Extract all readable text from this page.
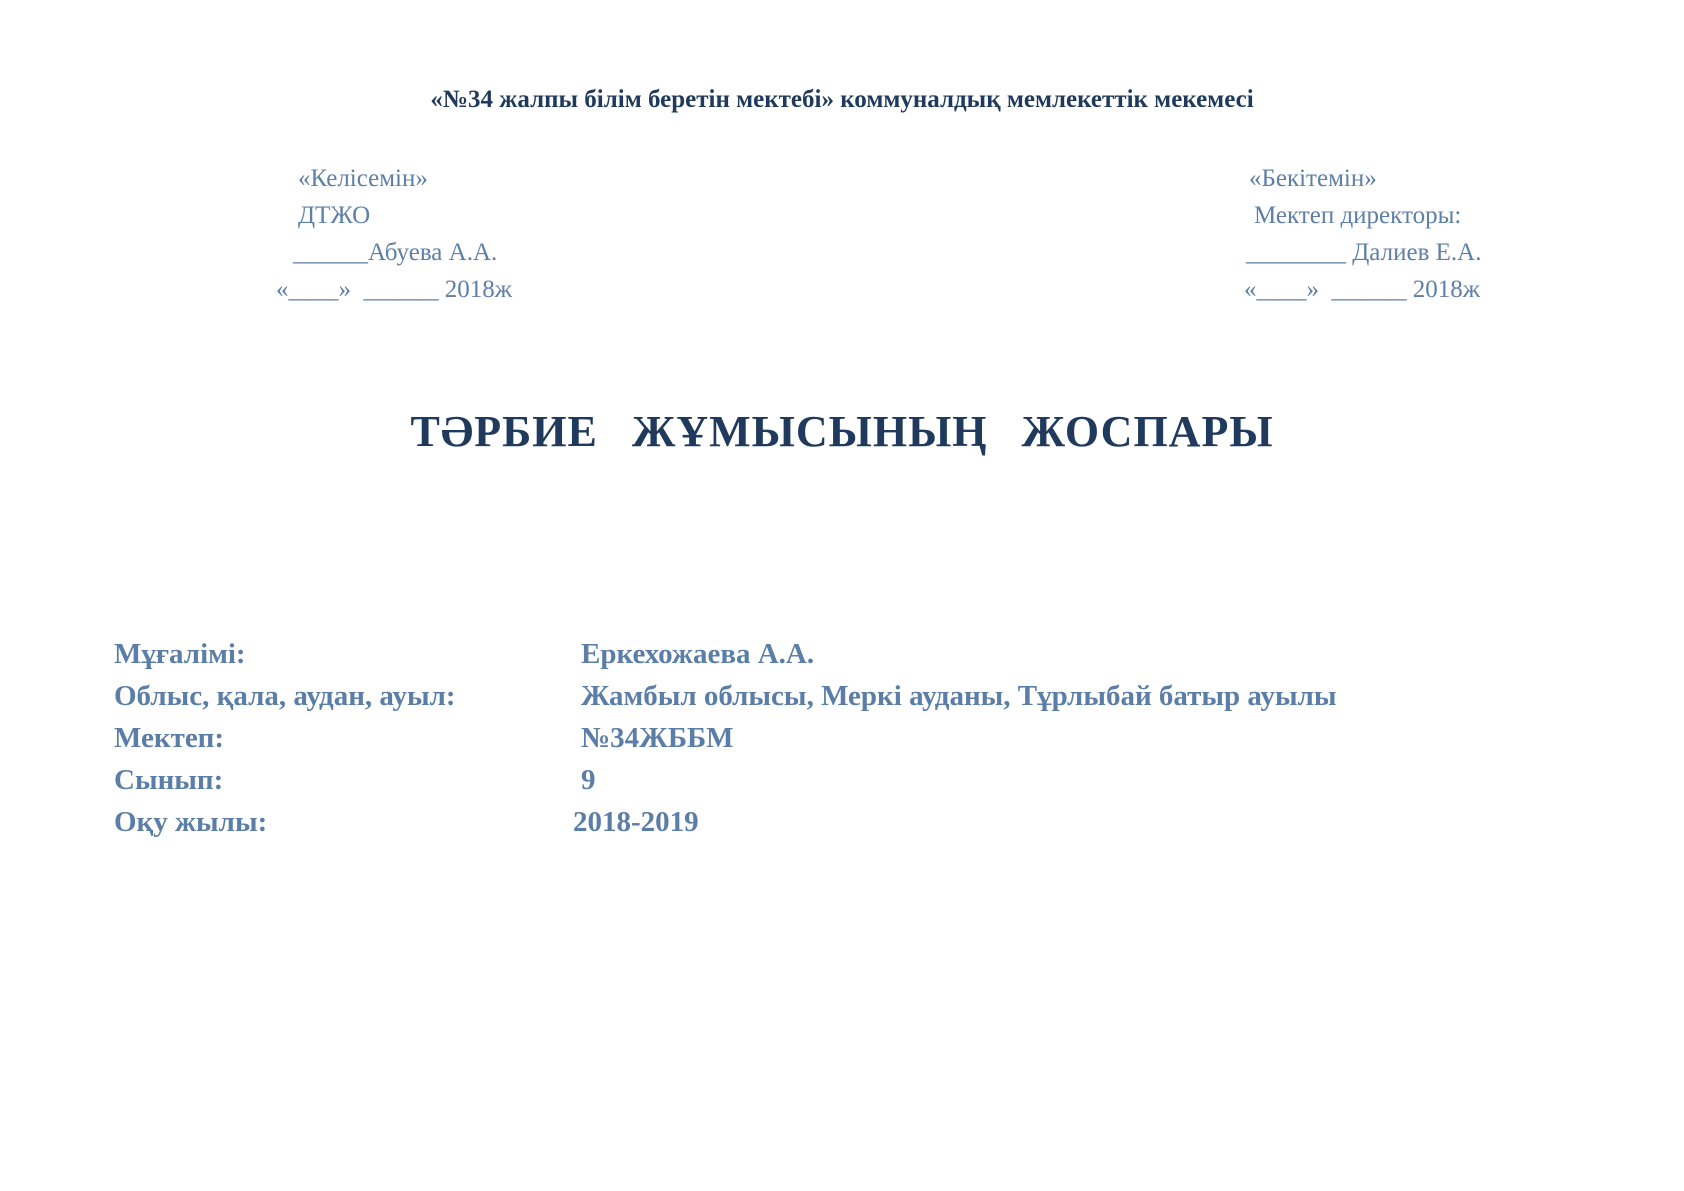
«№34 жалпы білім беретін мектебі» коммуналдық мемлекеттік мекемесі
«Келісемін»
ДТЖО
______Абуева А.А.
«____»  ______ 2018ж
«Бекітемін»
Мектеп директоры:
________ Далиев Е.А.
«____»  ______ 2018ж
ТӘРБИЕ ЖҰМЫСЫНЫҢ ЖОСПАРЫ
Мұғалімі:	Еркехожаева А.А.
Облыс, қала, аудан, ауыл:	Жамбыл облысы, Меркі ауданы, Тұрлыбай батыр ауылы
Мектеп:	№34ЖББМ
Сынып:	9
Оқу жылы:	2018-2019
